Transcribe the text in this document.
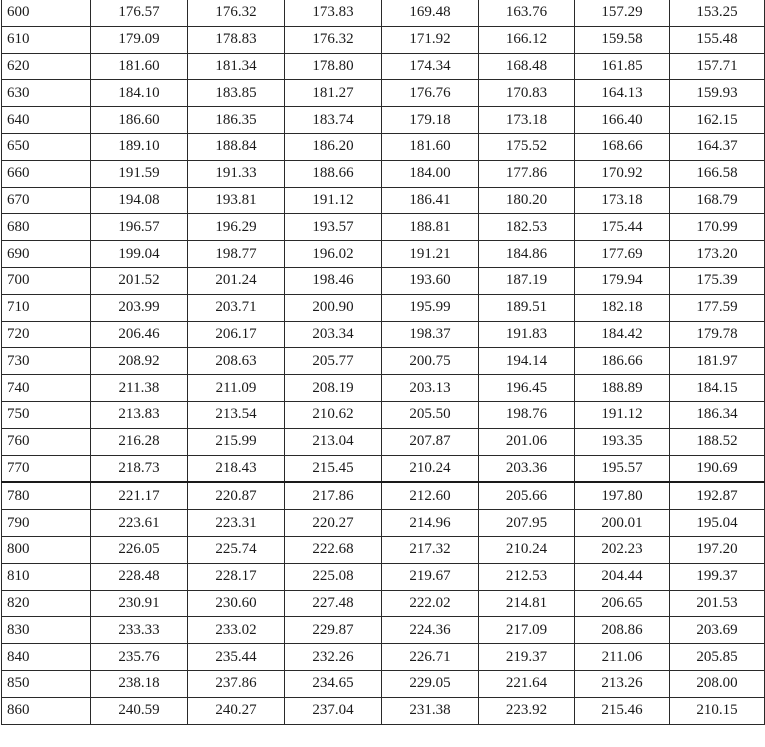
600	176.57	176.32	173.83	169.48	163.76	157.29	153.25
610	179.09	178.83	176.32	171.92	166.12	159.58	155.48
620	181.60	181.34	178.80	174.34	168.48	161.85	157.71
630	184.10	183.85	181.27	176.76	170.83	164.13	159.93
640	186.60	186.35	183.74	179.18	173.18	166.40	162.15
650	189.10	188.84	186.20	181.60	175.52	168.66	164.37
660	191.59	191.33	188.66	184.00	177.86	170.92	166.58
670	194.08	193.81	191.12	186.41	180.20	173.18	168.79
680	196.57	196.29	193.57	188.81	182.53	175.44	170.99
690	199.04	198.77	196.02	191.21	184.86	177.69	173.20
700	201.52	201.24	198.46	193.60	187.19	179.94	175.39
710	203.99	203.71	200.90	195.99	189.51	182.18	177.59
720	206.46	206.17	203.34	198.37	191.83	184.42	179.78
730	208.92	208.63	205.77	200.75	194.14	186.66	181.97
740	211.38	211.09	208.19	203.13	196.45	188.89	184.15
750	213.83	213.54	210.62	205.50	198.76	191.12	186.34
760	216.28	215.99	213.04	207.87	201.06	193.35	188.52
770	218.73	218.43	215.45	210.24	203.36	195.57	190.69
780	221.17	220.87	217.86	212.60	205.66	197.80	192.87
790	223.61	223.31	220.27	214.96	207.95	200.01	195.04
800	226.05	225.74	222.68	217.32	210.24	202.23	197.20
810	228.48	228.17	225.08	219.67	212.53	204.44	199.37
820	230.91	230.60	227.48	222.02	214.81	206.65	201.53
830	233.33	233.02	229.87	224.36	217.09	208.86	203.69
840	235.76	235.44	232.26	226.71	219.37	211.06	205.85
850	238.18	237.86	234.65	229.05	221.64	213.26	208.00
860	240.59	240.27	237.04	231.38	223.92	215.46	210.15
